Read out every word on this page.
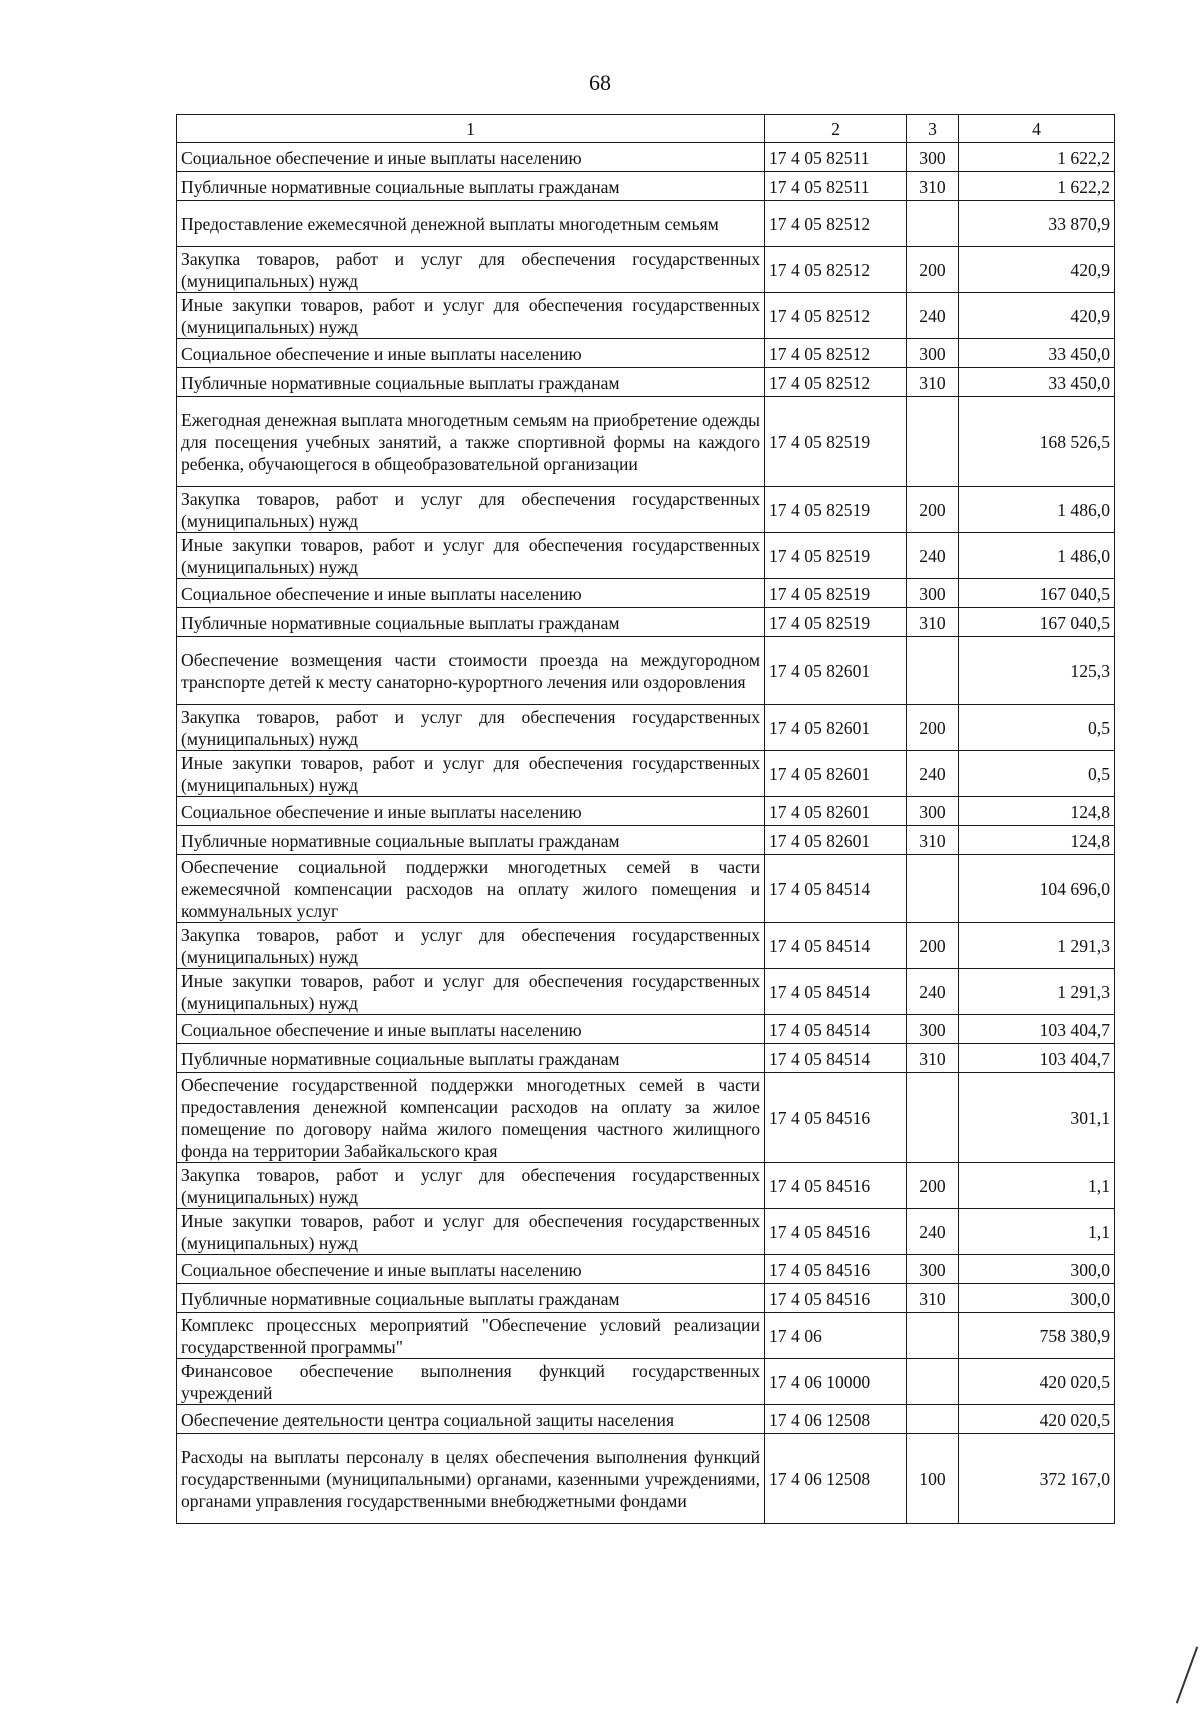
68
1	2	3	4
Социальное обеспечение и иные выплаты населению	17 4 05 82511	300	1 622,2
Публичные нормативные социальные выплаты гражданам	17 4 05 82511	310	1 622,2
Предоставление ежемесячной денежной выплаты многодетным семьям	17 4 05 82512		33 870,9
Закупка товаров, работ и услуг для обеспечения государственных (муниципальных) нужд	17 4 05 82512	200	420,9
Иные закупки товаров, работ и услуг для обеспечения государственных (муниципальных) нужд	17 4 05 82512	240	420,9
Социальное обеспечение и иные выплаты населению	17 4 05 82512	300	33 450,0
Публичные нормативные социальные выплаты гражданам	17 4 05 82512	310	33 450,0
Ежегодная денежная выплата многодетным семьям на приобретение одежды для посещения учебных занятий, а также спортивной формы на каждого ребенка, обучающегося в общеобразовательной организации	17 4 05 82519		168 526,5
Закупка товаров, работ и услуг для обеспечения государственных (муниципальных) нужд	17 4 05 82519	200	1 486,0
Иные закупки товаров, работ и услуг для обеспечения государственных (муниципальных) нужд	17 4 05 82519	240	1 486,0
Социальное обеспечение и иные выплаты населению	17 4 05 82519	300	167 040,5
Публичные нормативные социальные выплаты гражданам	17 4 05 82519	310	167 040,5
Обеспечение возмещения части стоимости проезда на междугородном транспорте детей к месту санаторно-курортного лечения или оздоровления	17 4 05 82601		125,3
Закупка товаров, работ и услуг для обеспечения государственных (муниципальных) нужд	17 4 05 82601	200	0,5
Иные закупки товаров, работ и услуг для обеспечения государственных (муниципальных) нужд	17 4 05 82601	240	0,5
Социальное обеспечение и иные выплаты населению	17 4 05 82601	300	124,8
Публичные нормативные социальные выплаты гражданам	17 4 05 82601	310	124,8
Обеспечение социальной поддержки многодетных семей в части ежемесячной компенсации расходов на оплату жилого помещения и коммунальных услуг	17 4 05 84514		104 696,0
Закупка товаров, работ и услуг для обеспечения государственных (муниципальных) нужд	17 4 05 84514	200	1 291,3
Иные закупки товаров, работ и услуг для обеспечения государственных (муниципальных) нужд	17 4 05 84514	240	1 291,3
Социальное обеспечение и иные выплаты населению	17 4 05 84514	300	103 404,7
Публичные нормативные социальные выплаты гражданам	17 4 05 84514	310	103 404,7
Обеспечение государственной поддержки многодетных семей в части предоставления денежной компенсации расходов на оплату за жилое помещение по договору найма жилого помещения частного жилищного фонда на территории Забайкальского края	17 4 05 84516		301,1
Закупка товаров, работ и услуг для обеспечения государственных (муниципальных) нужд	17 4 05 84516	200	1,1
Иные закупки товаров, работ и услуг для обеспечения государственных (муниципальных) нужд	17 4 05 84516	240	1,1
Социальное обеспечение и иные выплаты населению	17 4 05 84516	300	300,0
Публичные нормативные социальные выплаты гражданам	17 4 05 84516	310	300,0
Комплекс процессных мероприятий "Обеспечение условий реализации государственной программы"	17 4 06		758 380,9
Финансовое обеспечение выполнения функций государственных учреждений	17 4 06 10000		420 020,5
Обеспечение деятельности центра социальной защиты населения	17 4 06 12508		420 020,5
Расходы на выплаты персоналу в целях обеспечения выполнения функций государственными (муниципальными) органами, казенными учреждениями, органами управления государственными внебюджетными фондами	17 4 06 12508	100	372 167,0
